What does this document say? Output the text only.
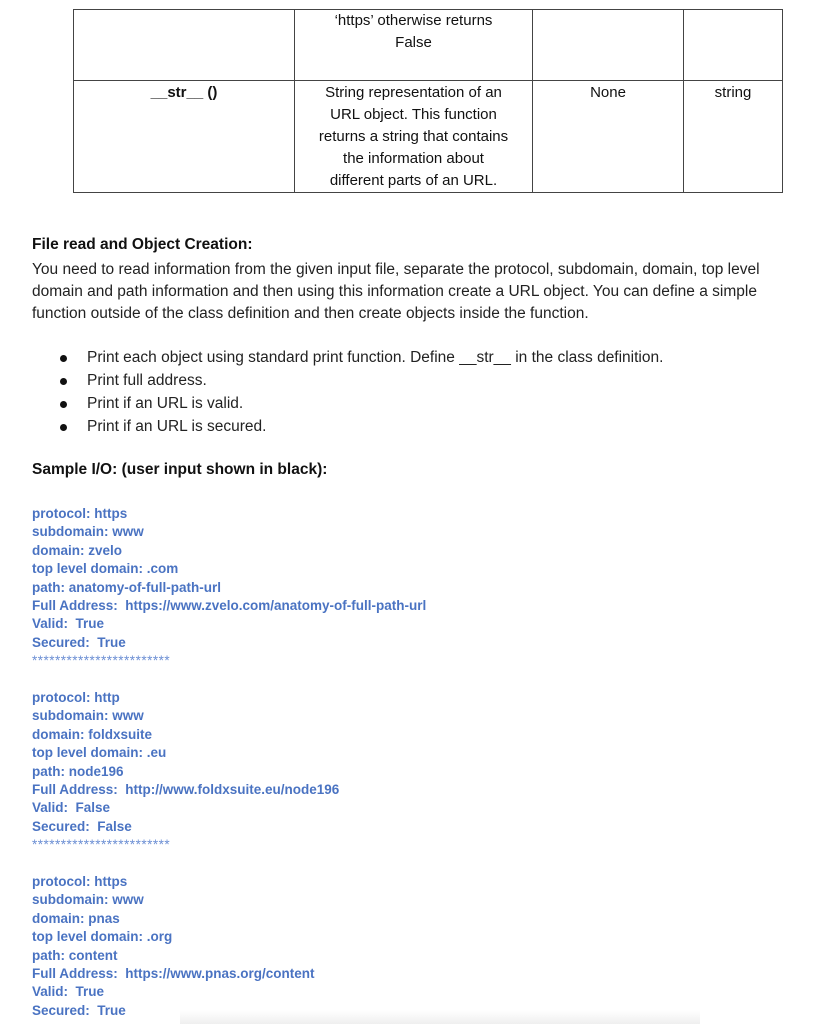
	‘https’ otherwise returns
False		

__str__ ()	String representation of an
URL object. This function
returns a string that contains
the information about
different parts of an URL.	None	string
File read and Object Creation:

You need to read information from the given input file, separate the protocol, subdomain, domain, top level domain and path information and then using this information create a URL object. You can define a simple function outside of the class definition and then create objects inside the function.

Print each object using standard print function. Define __str__ in the class definition.
Print full address.
Print if an URL is valid.
Print if an URL is secured.
Sample I/O: (user input shown in black):
protocol: https
subdomain: www
domain: zvelo
top level domain: .com
path: anatomy-of-full-path-url
Full Address:  https://www.zvelo.com/anatomy-of-full-path-url
Valid:  True
Secured:  True
************************
protocol: http
subdomain: www
domain: foldxsuite
top level domain: .eu
path: node196
Full Address:  http://www.foldxsuite.eu/node196
Valid:  False
Secured:  False
************************
protocol: https
subdomain: www
domain: pnas
top level domain: .org
path: content
Full Address:  https://www.pnas.org/content
Valid:  True
Secured:  True
